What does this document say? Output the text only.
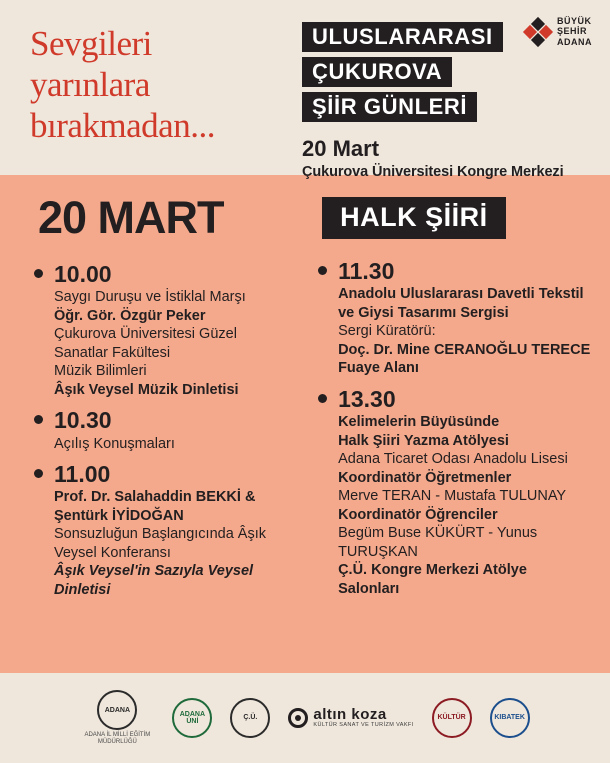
Sevgileri
yarınlara
bırakmadan...
ULUSLARARASI
ÇUKUROVA
ŞİİR GÜNLERİ
20 Mart
Çukurova Üniversitesi Kongre Merkezi
BÜYÜK
ŞEHİR
ADANA
20 MART
10.00
Saygı Duruşu ve İstiklal Marşı
Öğr. Gör. Özgür Peker
Çukurova Üniversitesi Güzel
Sanatlar Fakültesi
Müzik Bilimleri
Âşık Veysel Müzik Dinletisi
10.30
Açılış Konuşmaları
11.00
Prof. Dr. Salahaddin BEKKİ &
Şentürk İYİDOĞAN
Sonsuzluğun Başlangıcında Âşık
Veysel Konferansı
Âşık Veysel'in Sazıyla Veysel Dinletisi
HALK ŞİİRİ
11.30
Anadolu Uluslararası Davetli Tekstil
ve Giysi Tasarımı Sergisi
Sergi Küratörü:
Doç. Dr. Mine CERANOĞLU TERECE
Fuaye Alanı
13.30
Kelimelerin Büyüsünde
Halk Şiiri Yazma Atölyesi
Adana Ticaret Odası Anadolu Lisesi
Koordinatör Öğretmenler
Merve TERAN - Mustafa TULUNAY
Koordinatör Öğrenciler
Begüm Buse KÜKÜRT - Yunus TURUŞKAN
Ç.Ü. Kongre Merkezi Atölye Salonları
ADANA
ADANA İL MİLLİ EĞİTİM MÜDÜRLÜĞÜ
ADANA ÜNİ
Ç.Ü.	altın koza
KÜLTÜR SANAT VE TURİZM VAKFI
KÜLTÜR	KIBATEK
